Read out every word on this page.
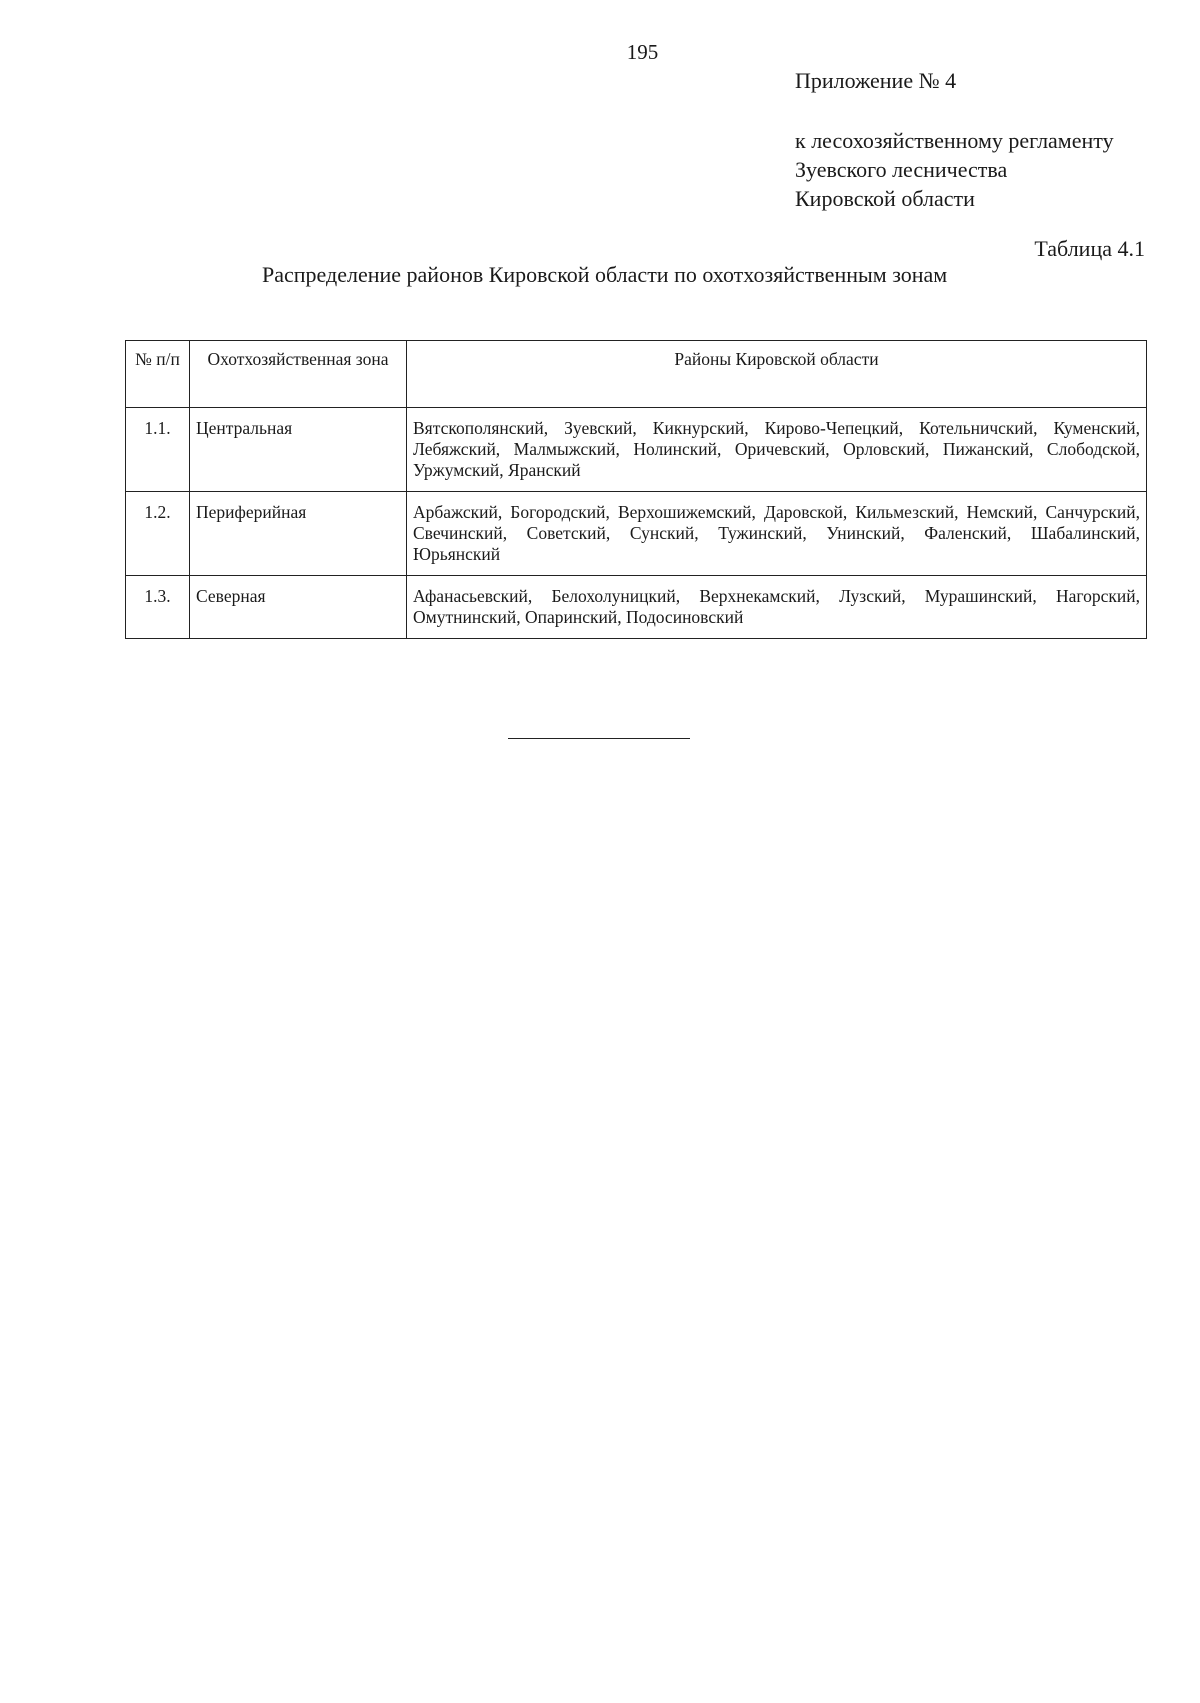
195
Приложение № 4
к лесохозяйственному регламенту
Зуевского лесничества
Кировской области
Таблица 4.1
Распределение районов Кировской области по охотхозяйственным зонам
№ п/п	Охотхозяйственная зона	Районы Кировской области
1.1.	Центральная	Вятскополянский, Зуевский, Кикнурский, Кирово-Чепецкий, Котельничский, Куменский, Лебяжский, Малмыжский, Нолинский, Оричевский, Орловский, Пижанский, Слободской, Уржумский, Яранский
1.2.	Периферийная	Арбажский, Богородский, Верхошижемский, Даровской, Кильмезский, Немский, Санчурский, Свечинский, Советский, Сунский, Тужинский, Унинский, Фаленский, Шабалинский, Юрьянский
1.3.	Северная	Афанасьевский, Белохолуницкий, Верхнекамский, Лузский, Мурашинский, Нагорский, Омутнинский, Опаринский, Подосиновский
